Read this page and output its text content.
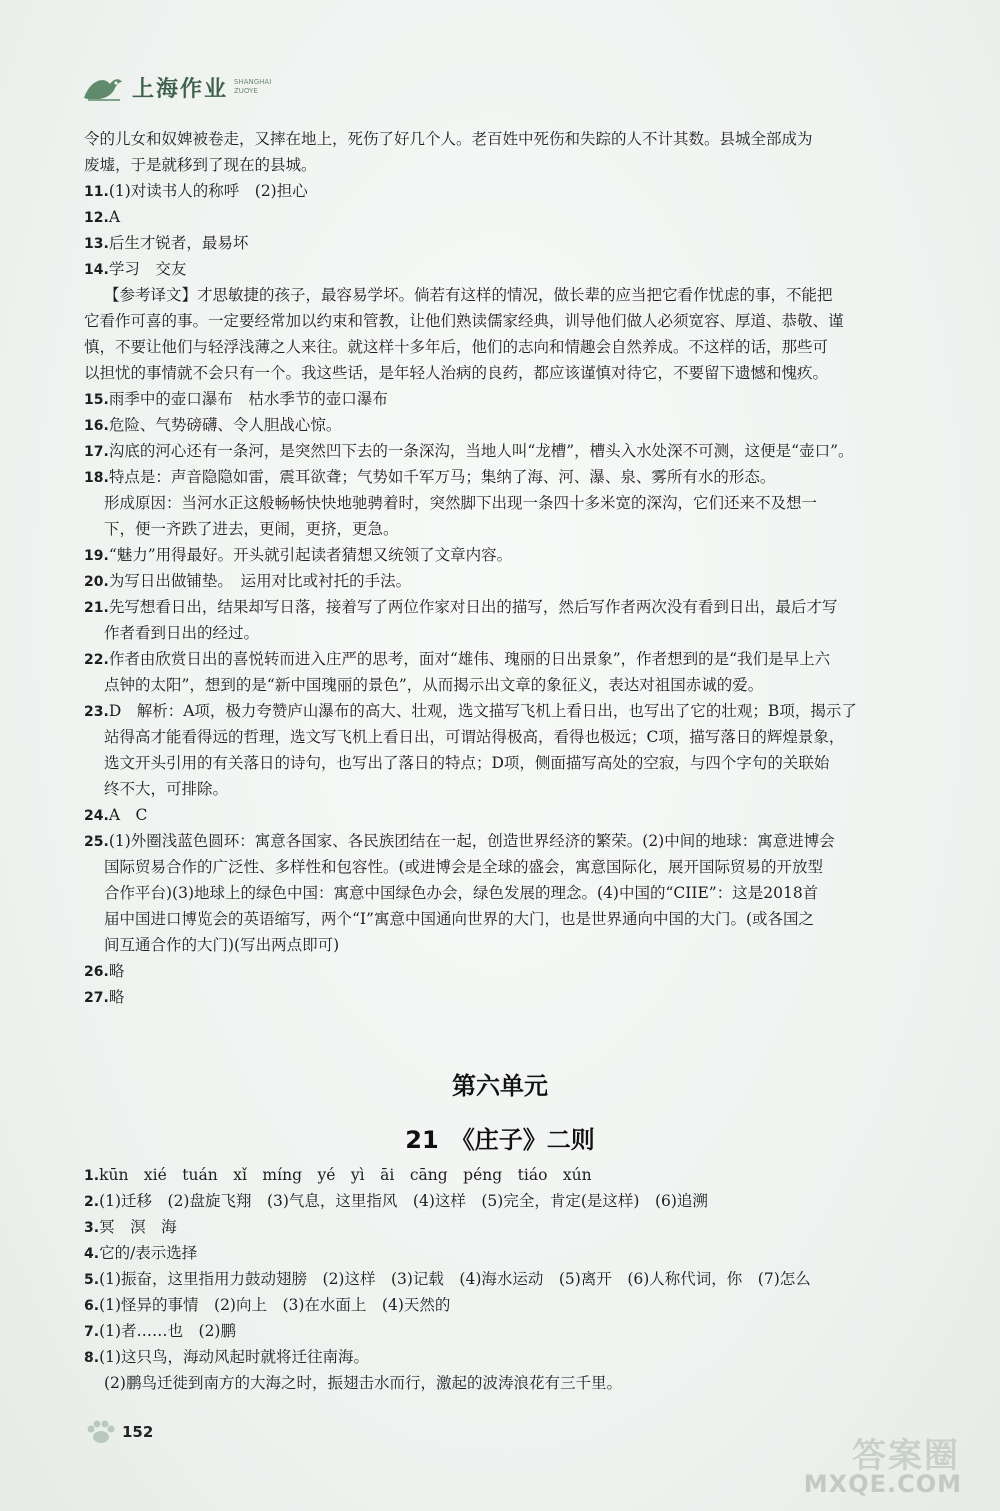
上海作业 SHANGHAI
ZUOYE
令的儿女和奴婢被卷走，又摔在地上，死伤了好几个人。老百姓中死伤和失踪的人不计其数。县城全部成为
废墟，于是就移到了现在的县城。
11.(1)对读书人的称呼　(2)担心
12.A
13.后生才锐者，最易坏
14.学习　交友
【参考译文】才思敏捷的孩子，最容易学坏。倘若有这样的情况，做长辈的应当把它看作忧虑的事，不能把
它看作可喜的事。一定要经常加以约束和管教，让他们熟读儒家经典，训导他们做人必须宽容、厚道、恭敬、谨
慎，不要让他们与轻浮浅薄之人来往。就这样十多年后，他们的志向和情趣会自然养成。不这样的话，那些可
以担忧的事情就不会只有一个。我这些话，是年轻人治病的良药，都应该谨慎对待它，不要留下遗憾和愧疚。
15.雨季中的壶口瀑布　枯水季节的壶口瀑布
16.危险、气势磅礴、令人胆战心惊。
17.沟底的河心还有一条河，是突然凹下去的一条深沟，当地人叫“龙槽”，槽头入水处深不可测，这便是“壶口”。
18.特点是：声音隐隐如雷，震耳欲聋；气势如千军万马；集纳了海、河、瀑、泉、雾所有水的形态。
形成原因：当河水正这般畅畅快快地驰骋着时，突然脚下出现一条四十多米宽的深沟，它们还来不及想一
下，便一齐跌了进去，更闹，更挤，更急。
19.“魅力”用得最好。开头就引起读者猜想又统领了文章内容。
20.为写日出做铺垫。　运用对比或衬托的手法。
21.先写想看日出，结果却写日落，接着写了两位作家对日出的描写，然后写作者两次没有看到日出，最后才写
作者看到日出的经过。
22.作者由欣赏日出的喜悦转而进入庄严的思考，面对“雄伟、瑰丽的日出景象”，作者想到的是“我们是早上六
点钟的太阳”，想到的是“新中国瑰丽的景色”，从而揭示出文章的象征义，表达对祖国赤诚的爱。
23.D　解析：A项，极力夸赞庐山瀑布的高大、壮观，选文描写飞机上看日出，也写出了它的壮观；B项，揭示了
站得高才能看得远的哲理，选文写飞机上看日出，可谓站得极高，看得也极远；C项，描写落日的辉煌景象，
选文开头引用的有关落日的诗句，也写出了落日的特点；D项，侧面描写高处的空寂，与四个字句的关联始
终不大，可排除。
24.A　C
25.(1)外圈浅蓝色圆环：寓意各国家、各民族团结在一起，创造世界经济的繁荣。(2)中间的地球：寓意进博会
国际贸易合作的广泛性、多样性和包容性。(或进博会是全球的盛会，寓意国际化，展开国际贸易的开放型
合作平台)(3)地球上的绿色中国：寓意中国绿色办会，绿色发展的理念。(4)中国的“CIIE”：这是2018首
届中国进口博览会的英语缩写，两个“I”寓意中国通向世界的大门，也是世界通向中国的大门。(或各国之
间互通合作的大门)(写出两点即可)
26.略
27.略
第六单元
21　《庄子》二则
1.kūn　xié　tuán　xǐ　míng　yé　yì　āi　cāng　péng　tiáo　xún
2.(1)迁移　(2)盘旋飞翔　(3)气息，这里指风　(4)这样　(5)完全，肯定(是这样)　(6)追溯
3.冥　溟　海
4.它的/表示选择
5.(1)振奋，这里指用力鼓动翅膀　(2)这样　(3)记载　(4)海水运动　(5)离开　(6)人称代词，你　(7)怎么
6.(1)怪异的事情　(2)向上　(3)在水面上　(4)天然的
7.(1)者……也　(2)鹏
8.(1)这只鸟，海动风起时就将迁往南海。
(2)鹏鸟迁徙到南方的大海之时，振翅击水而行，激起的波涛浪花有三千里。
152
答案圈
MXQE.COM
